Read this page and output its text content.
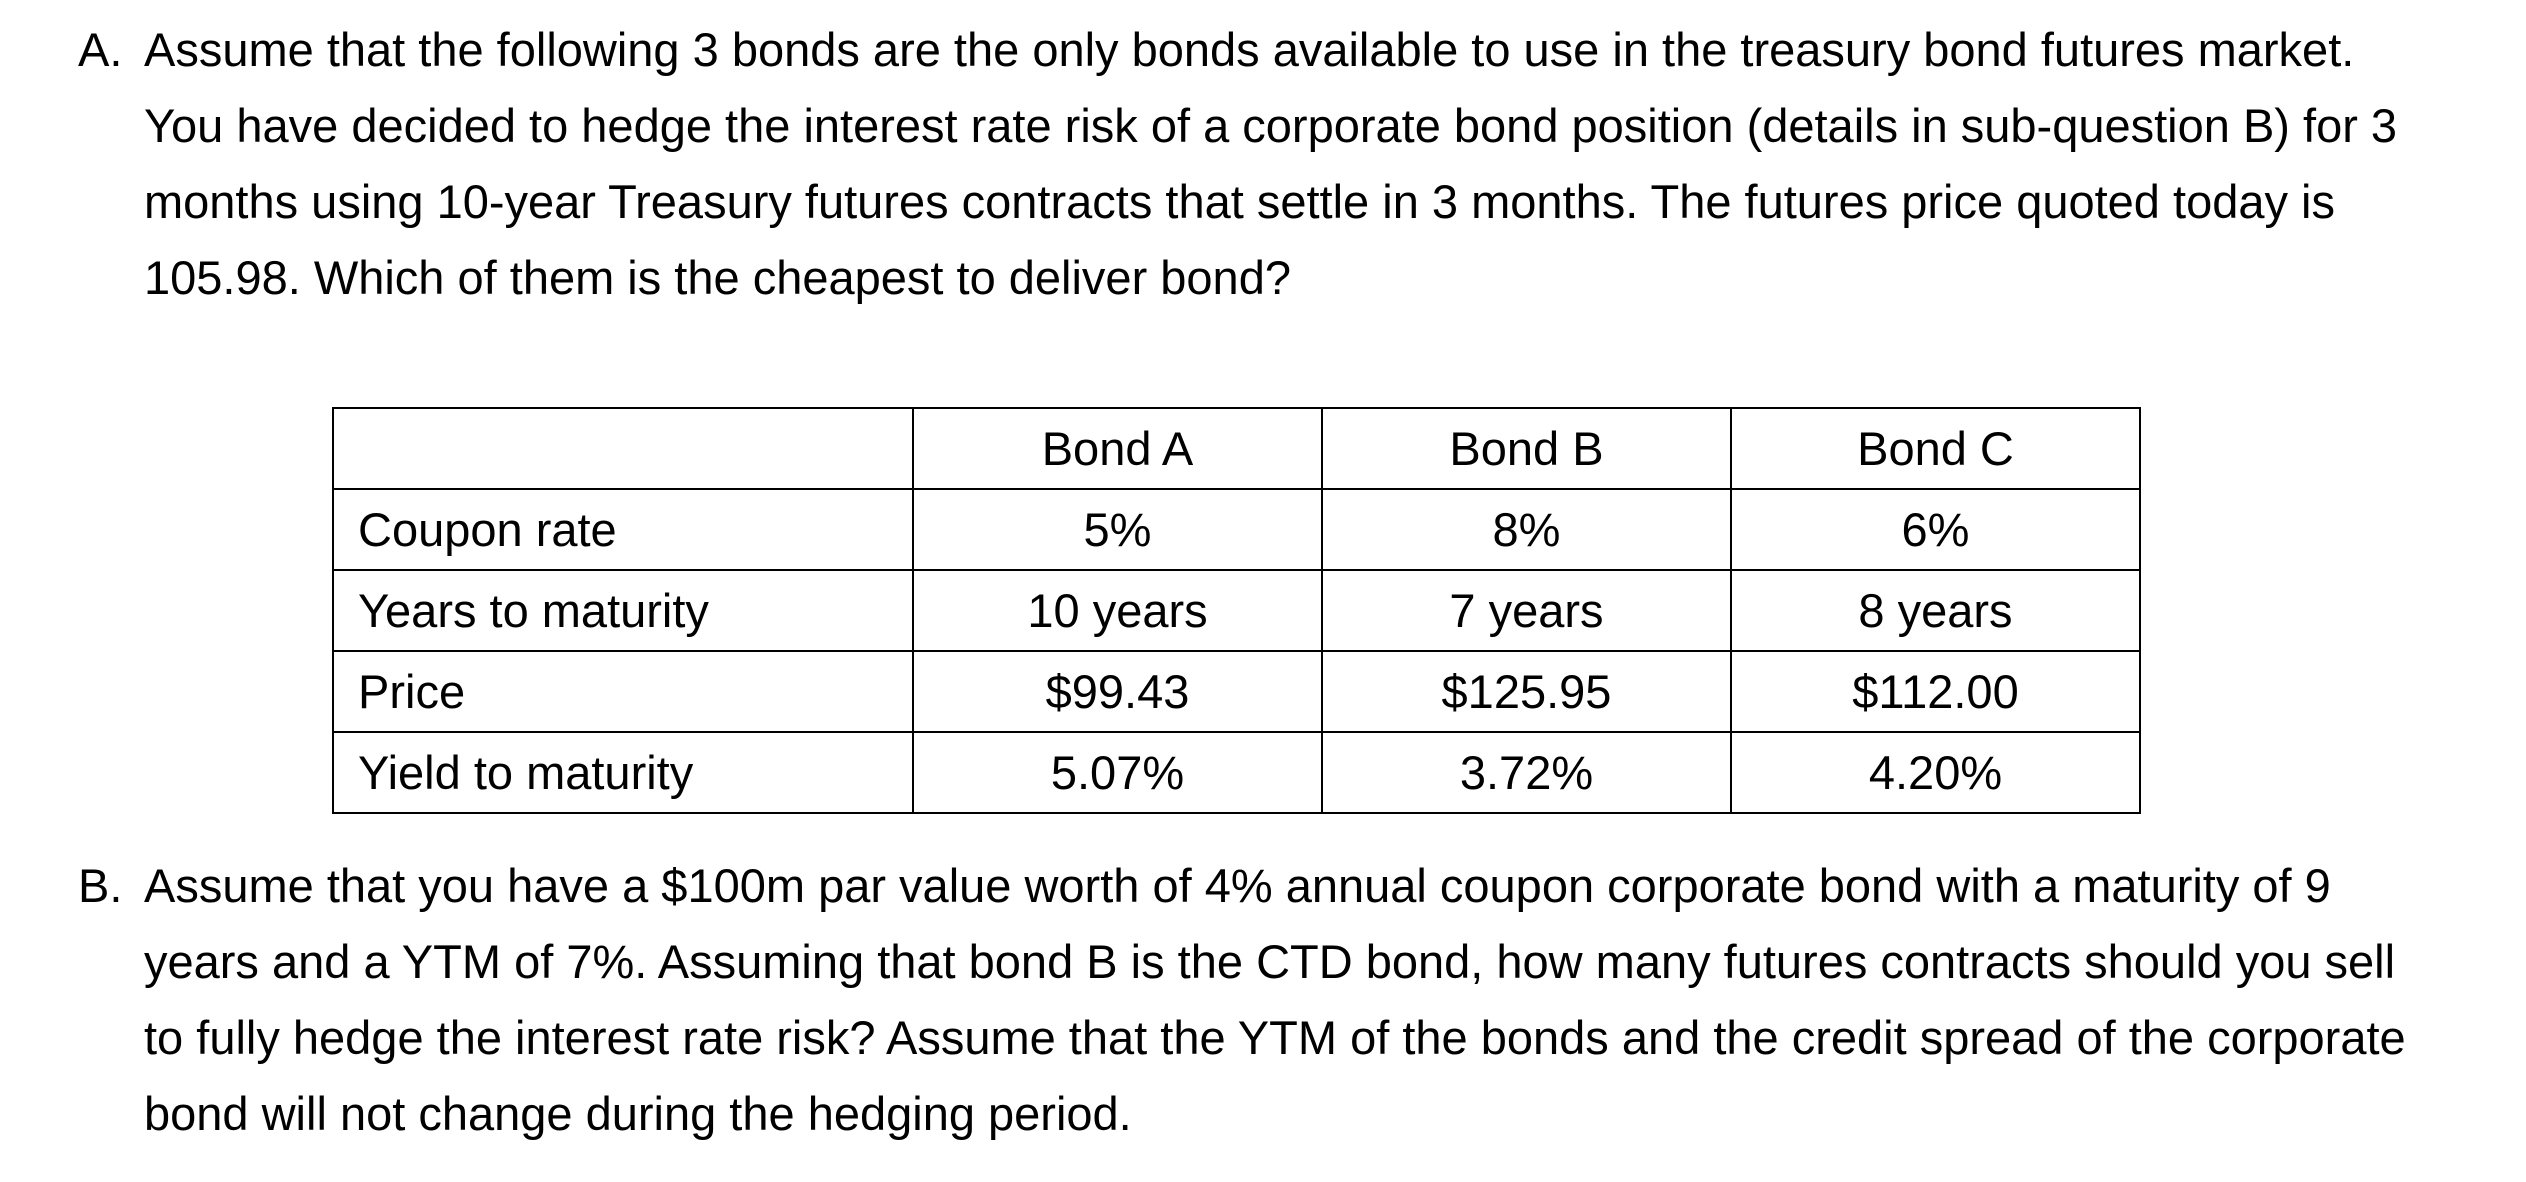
A. Assume that the following 3 bonds are the only bonds available to use in the treasury bond futures market. You have decided to hedge the interest rate risk of a corporate bond position (details in sub-question B) for 3 months using 10-year Treasury futures contracts that settle in 3 months. The futures price quoted today is 105.98. Which of them is the cheapest to deliver bond?
	Bond A	Bond B	Bond C
Coupon rate	5%	8%	6%
Years to maturity	10 years	7 years	8 years
Price	$99.43	$125.95	$112.00
Yield to maturity	5.07%	3.72%	4.20%
B. Assume that you have a $100m par value worth of 4% annual coupon corporate bond with a maturity of 9 years and a YTM of 7%. Assuming that bond B is the CTD bond, how many futures contracts should you sell to fully hedge the interest rate risk? Assume that the YTM of the bonds and the credit spread of the corporate bond will not change during the hedging period.
